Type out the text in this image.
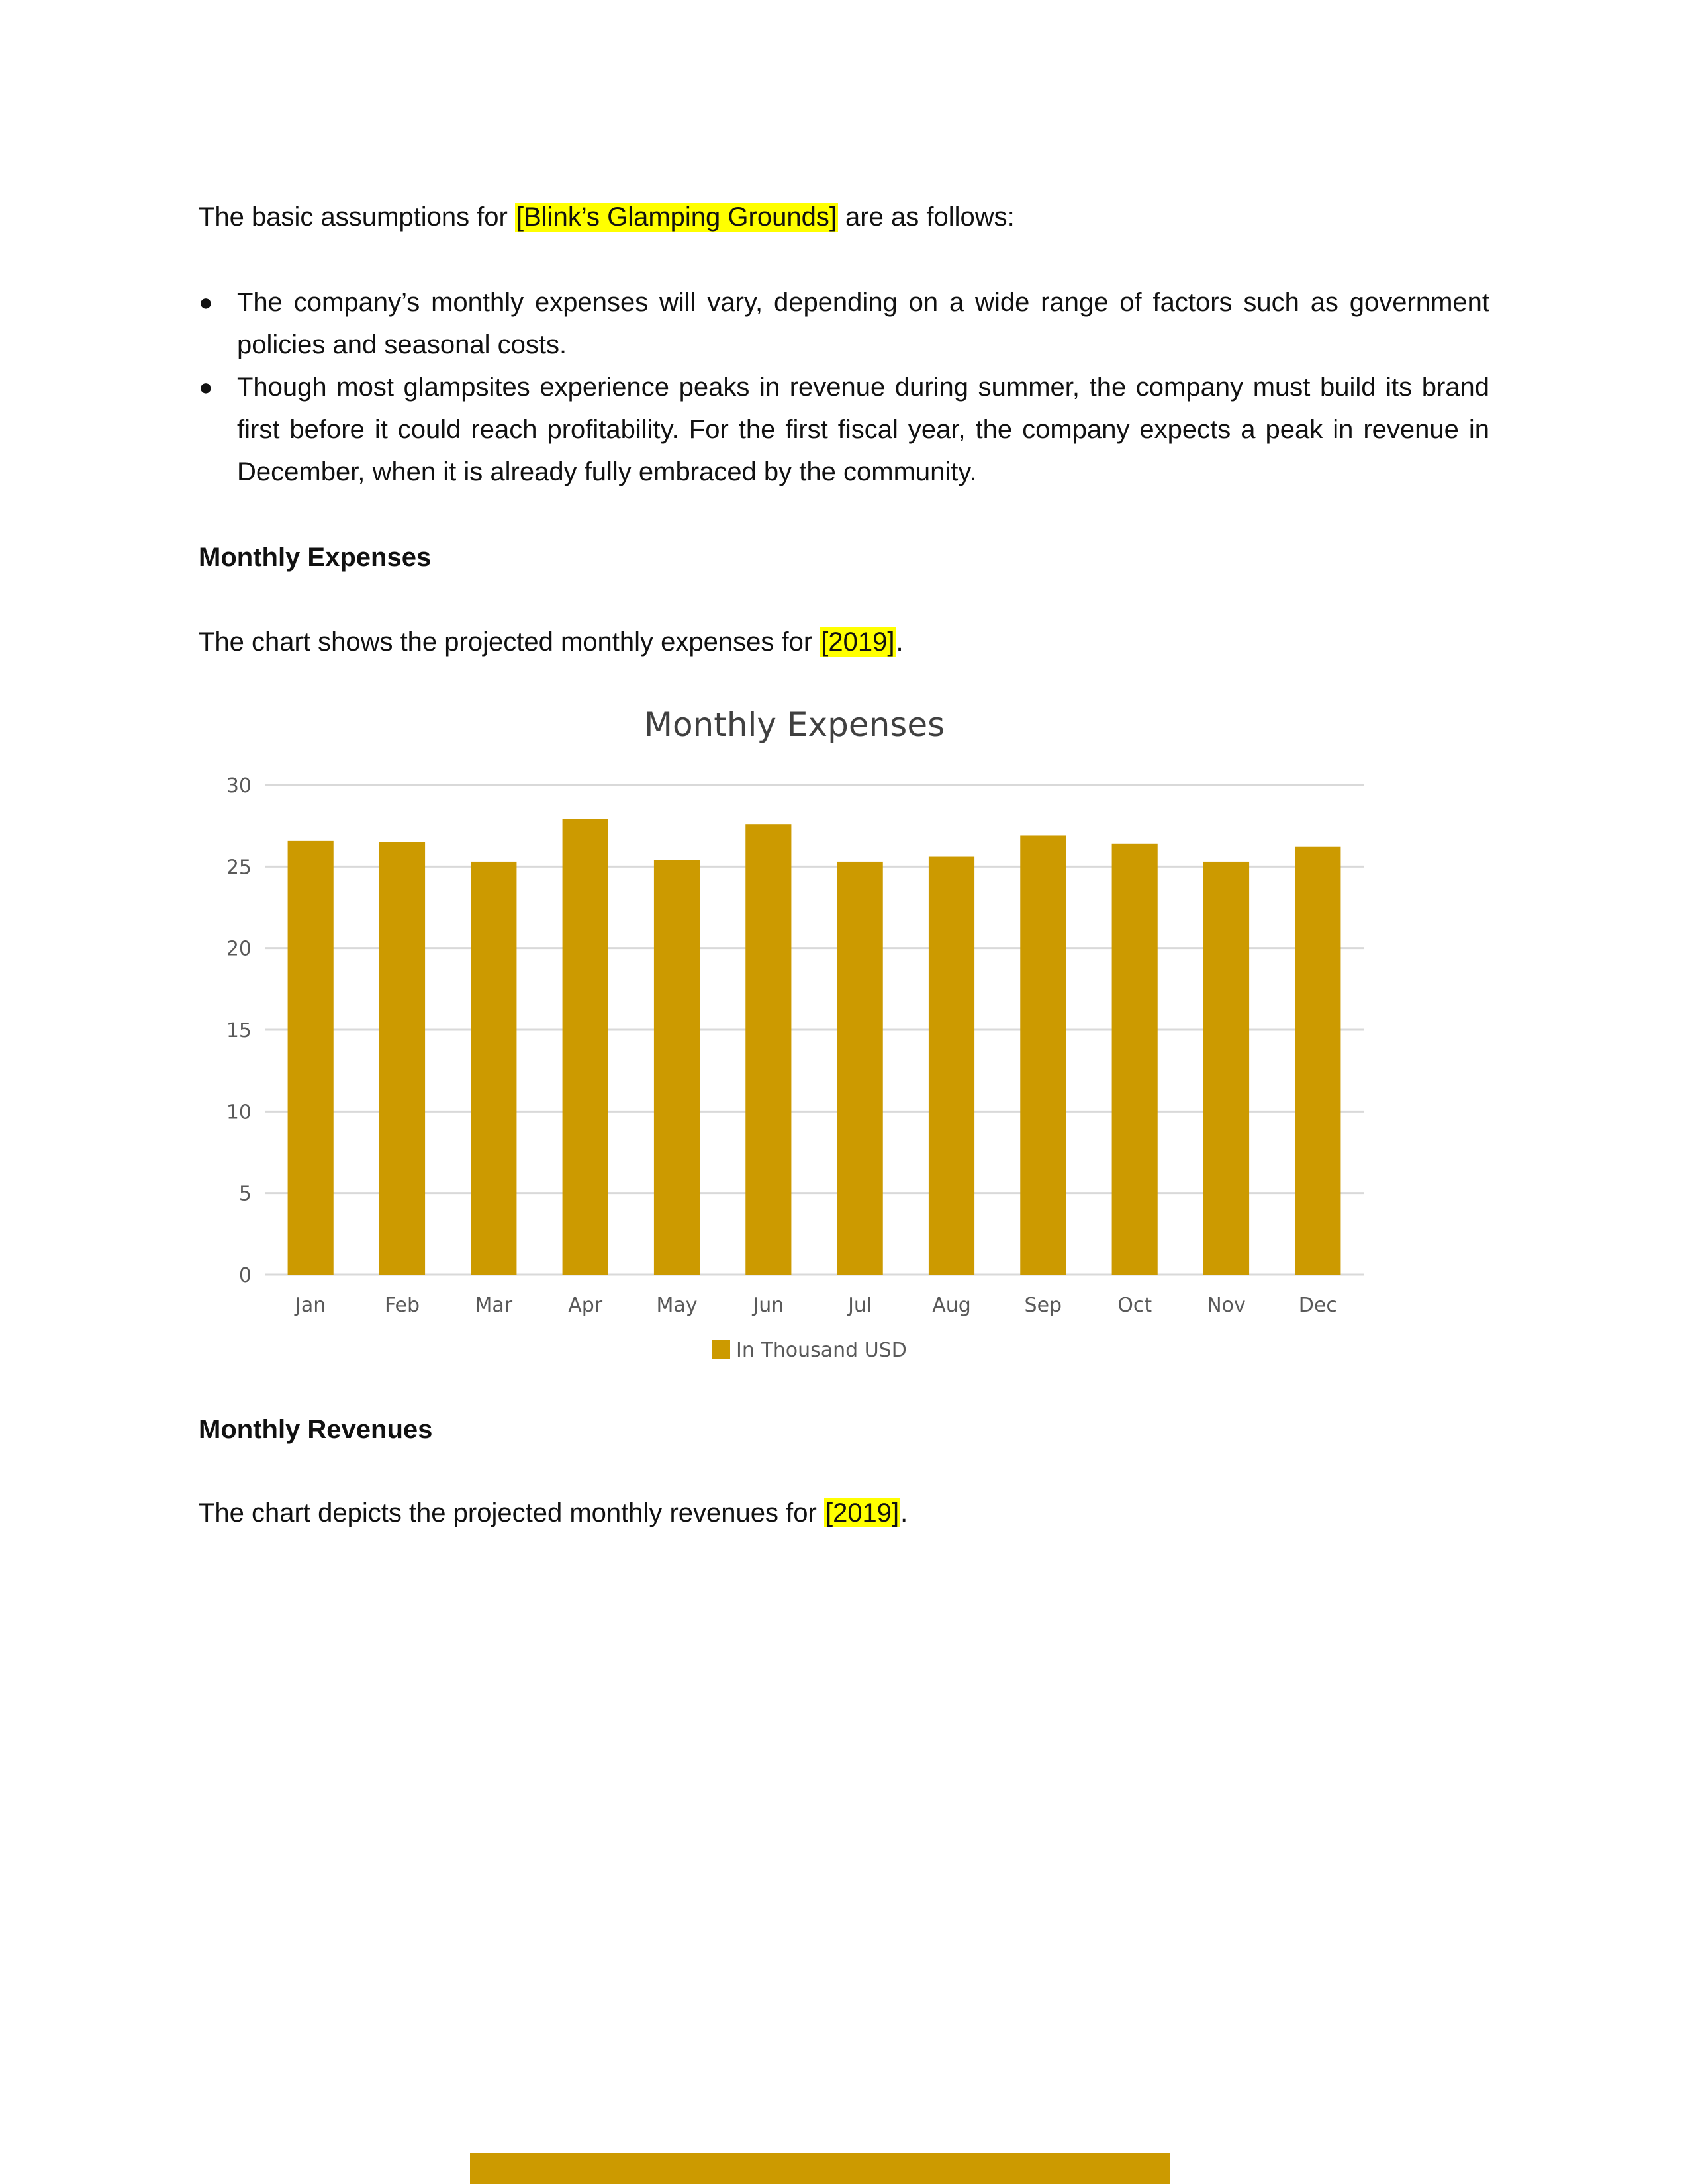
The basic assumptions for [Blink’s Glamping Grounds] are as follows:
● The company’s monthly expenses will vary, depending on a wide range of factors such as government policies and seasonal costs.
● Though most glampsites experience peaks in revenue during summer, the company must build its brand first before it could reach profitability. For the first fiscal year, the company expects a peak in revenue in December, when it is already fully embraced by the community.
Monthly Expenses
The chart shows the projected monthly expenses for [2019].
Monthly Expenses
0
5
10
15
20
25
30
Jan	Feb	Mar	Apr	May	Jun	Jul	Aug	Sep	Oct	Nov	Dec
In Thousand USD
Monthly Revenues
The chart depicts the projected monthly revenues for [2019].
